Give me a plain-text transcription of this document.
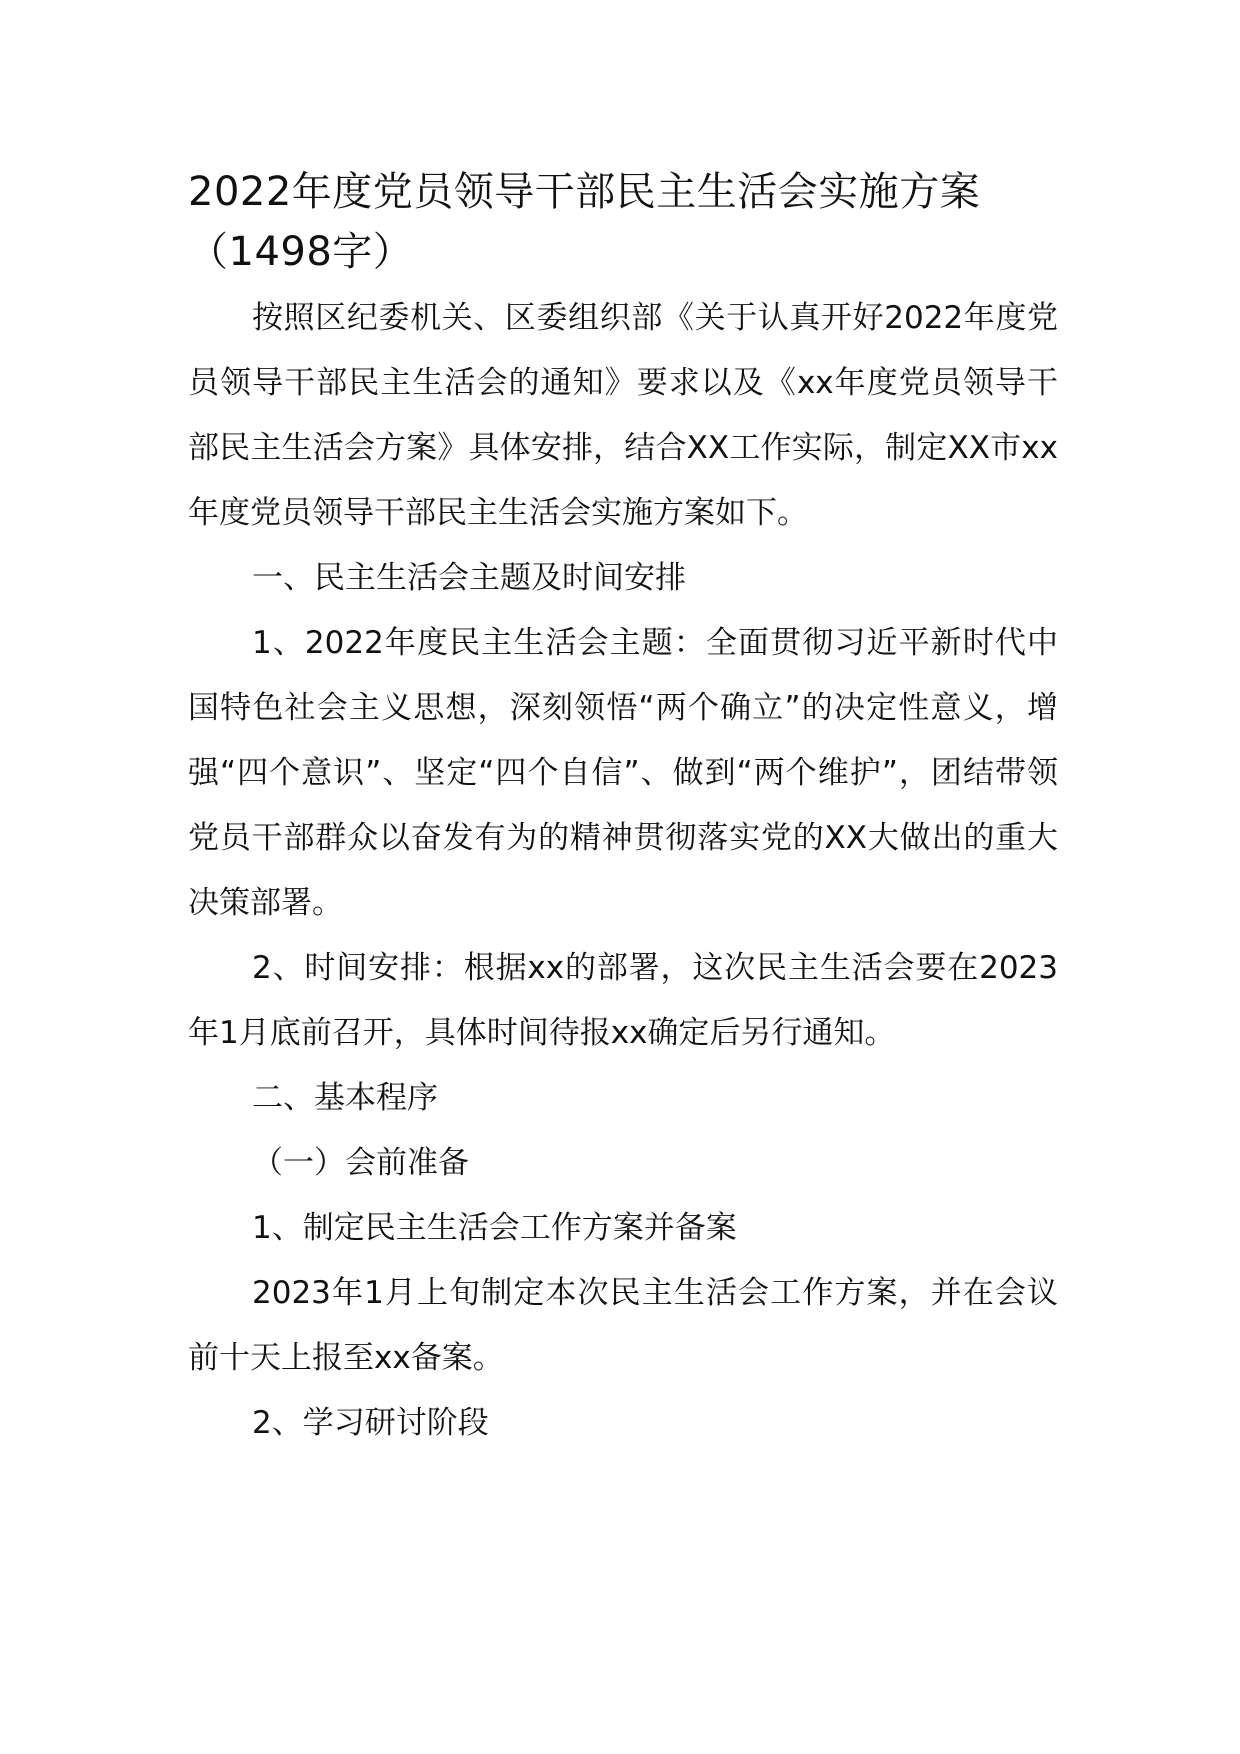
2022年度党员领导干部民主生活会实施方案（1498字）

按照区纪委机关、区委组织部《关于认真开好2022年度党员领导干部民主生活会的通知》要求以及《xx年度党员领导干部民主生活会方案》具体安排，结合XX工作实际，制定XX市xx年度党员领导干部民主生活会实施方案如下。

一、民主生活会主题及时间安排

1、2022年度民主生活会主题：全面贯彻习近平新时代中国特色社会主义思想，深刻领悟“两个确立”的决定性意义，增强“四个意识”、坚定“四个自信”、做到“两个维护”，团结带领党员干部群众以奋发有为的精神贯彻落实党的XX大做出的重大决策部署。

2、时间安排：根据xx的部署，这次民主生活会要在2023年1月底前召开，具体时间待报xx确定后另行通知。

二、基本程序

（一）会前准备

1、制定民主生活会工作方案并备案

2023年1月上旬制定本次民主生活会工作方案，并在会议前十天上报至xx备案。

2、学习研讨阶段
